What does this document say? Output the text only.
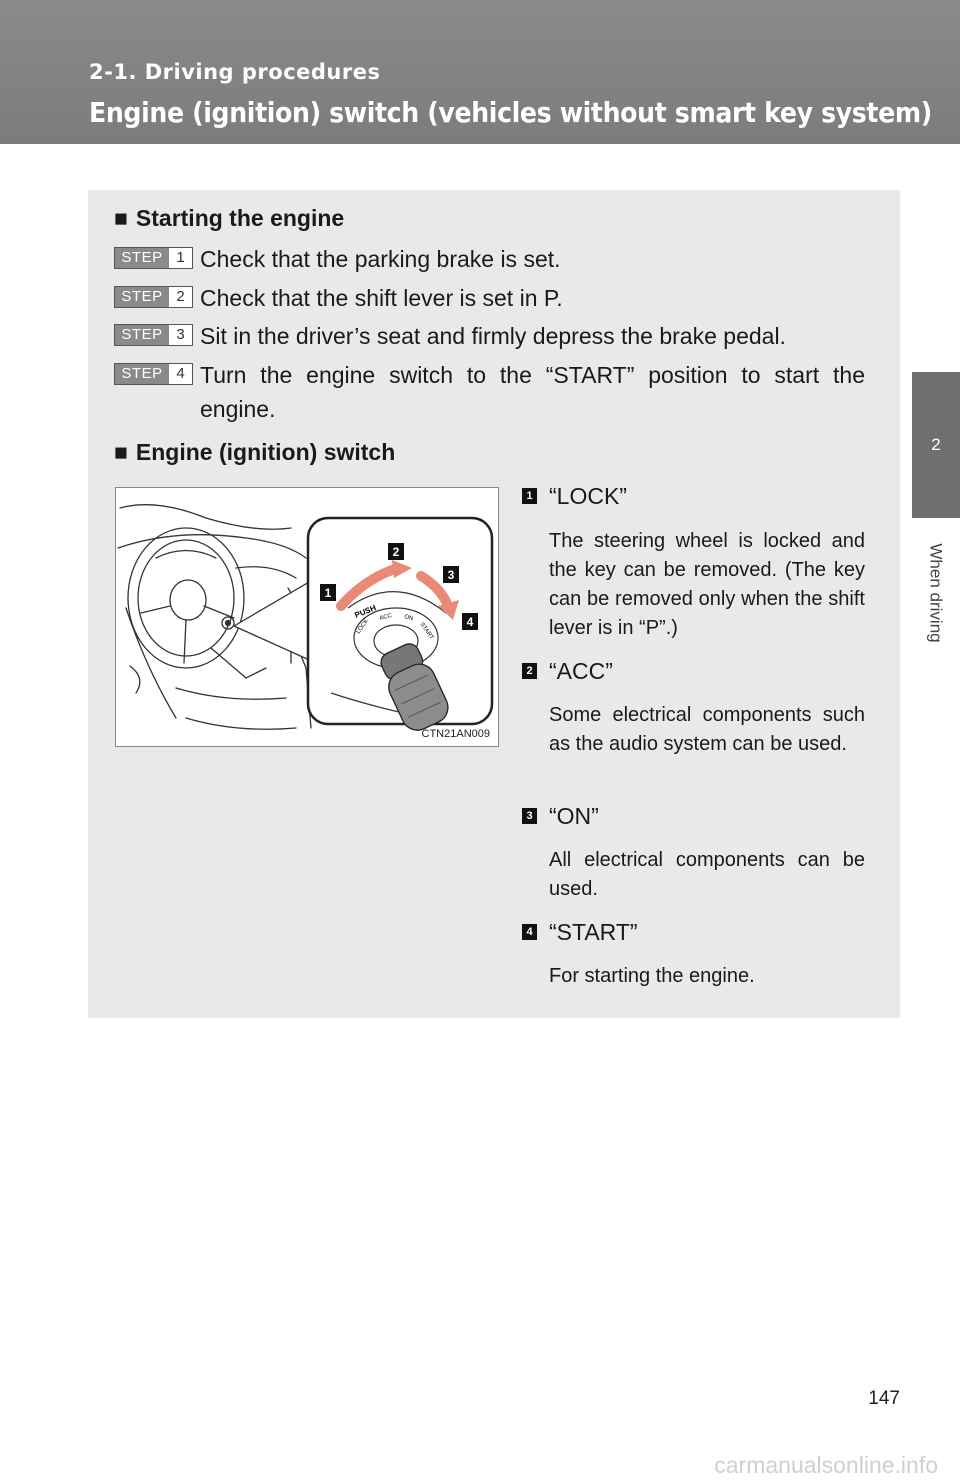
2-1. Driving procedures
Engine (ignition) switch (vehicles without smart key system)
2
When driving
■ Starting the engine
STEP 1 Check that the parking brake is set.
STEP 2 Check that the shift lever is set in P.
STEP 3 Sit in the driver’s seat and firmly depress the brake pedal.
STEP 4 Turn the engine switch to the “START” position to start the engine.
■ Engine (ignition) switch
PUSH
LOCK
ACC ON
START
1
2
3
4
CTN21AN009
1 “LOCK”
The steering wheel is locked and the key can be removed. (The key can be removed only when the shift lever is in “P”.)
2 “ACC”
Some electrical components such as the audio system can be used.
3 “ON”
All electrical components can be used.
4 “START”
For starting the engine.
147
carmanualsonline.info
